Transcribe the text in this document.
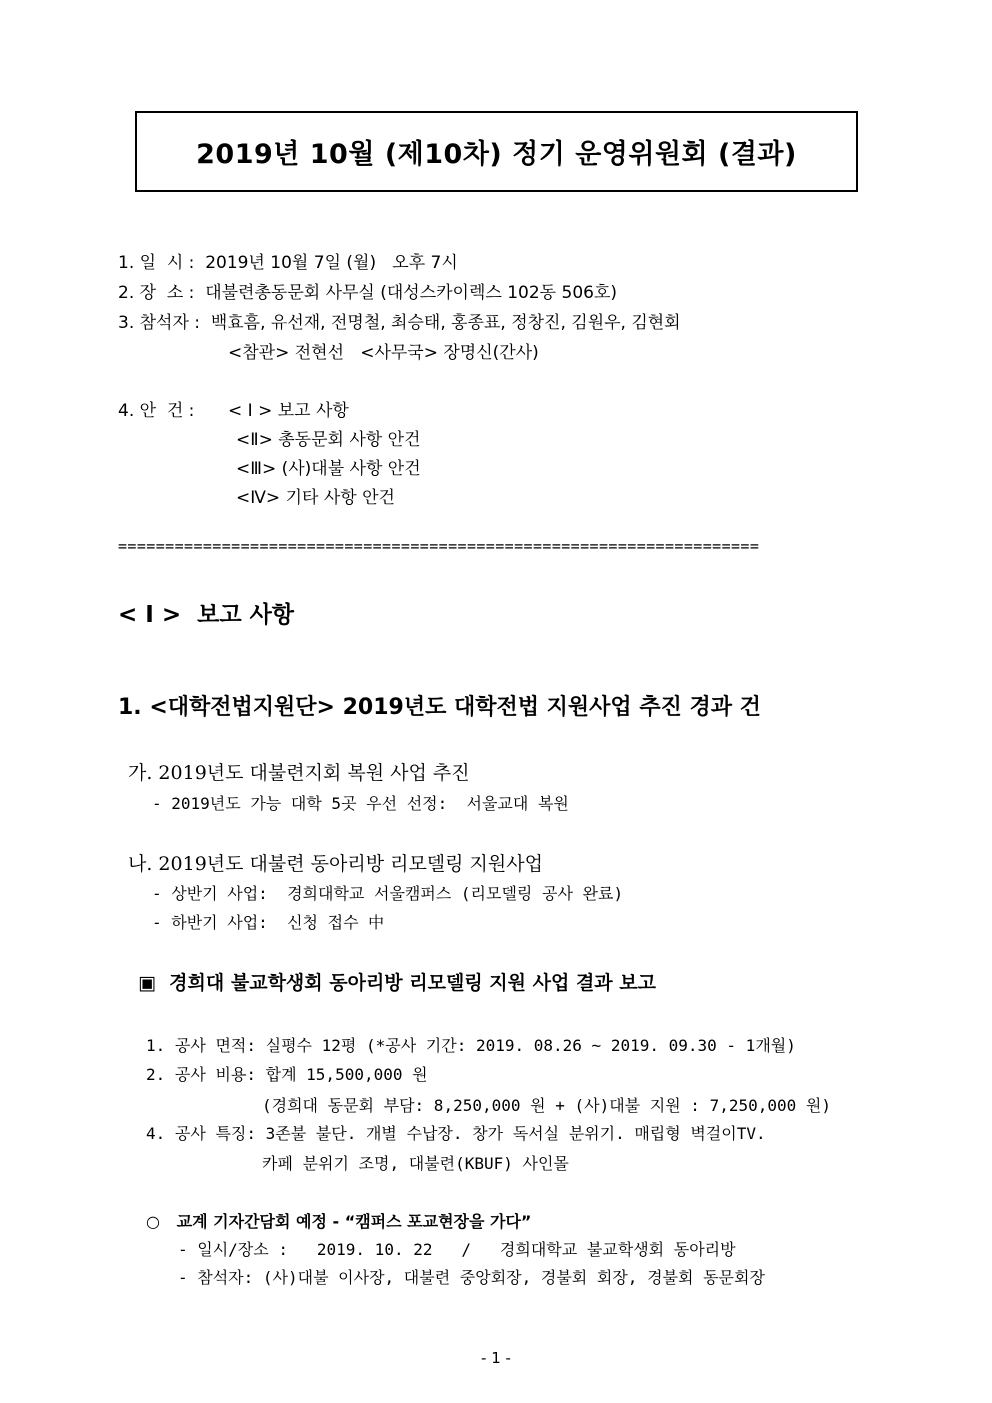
2019년 10월 (제10차) 정기 운영위원회 (결과)
1. 일  시 :  2019년 10월 7일 (월)   오후 7시
2. 장  소 :  대불련총동문회 사무실 (대성스카이렉스 102동 506호)
3. 참석자 :  백효흠, 유선재, 전명철, 최승태, 홍종표, 정창진, 김원우, 김현회
<참관> 전현선   <사무국> 장명신(간사)
4. 안  건 : < Ⅰ > 보고 사항
<Ⅱ> 총동문회 사항 안건
<Ⅲ> (사)대불 사항 안건
<Ⅳ> 기타 사항 안건
====================================================================
< Ⅰ >  보고 사항
1. <대학전법지원단> 2019년도 대학전법 지원사업 추진 경과 건
가. 2019년도 대불련지회 복원 사업 추진
- 2019년도 가능 대학 5곳 우선 선정:  서울교대 복원
나. 2019년도 대불련 동아리방 리모델링 지원사업
- 상반기 사업:  경희대학교 서울캠퍼스 (리모델링 공사 완료)
- 하반기 사업:  신청 접수 中
▣  경희대 불교학생회 동아리방 리모델링 지원 사업 결과 보고
1. 공사 면적: 실평수 12평 (*공사 기간: 2019. 08.26 ~ 2019. 09.30 - 1개월)
2. 공사 비용: 합계 15,500,000 원
(경희대 동문회 부담: 8,250,000 원 + (사)대불 지원 : 7,250,000 원)
4. 공사 특징: 3존불 불단. 개별 수납장. 창가 독서실 분위기. 매립형 벽걸이TV.
카페 분위기 조명, 대불련(KBUF) 사인몰
○   교계 기자간담회 예정 - “캠퍼스 포교현장을 가다”
- 일시/장소 :   2019. 10. 22   /   경희대학교 불교학생회 동아리방
- 참석자: (사)대불 이사장, 대불련 중앙회장, 경불회 회장, 경불회 동문회장
- 1 -
